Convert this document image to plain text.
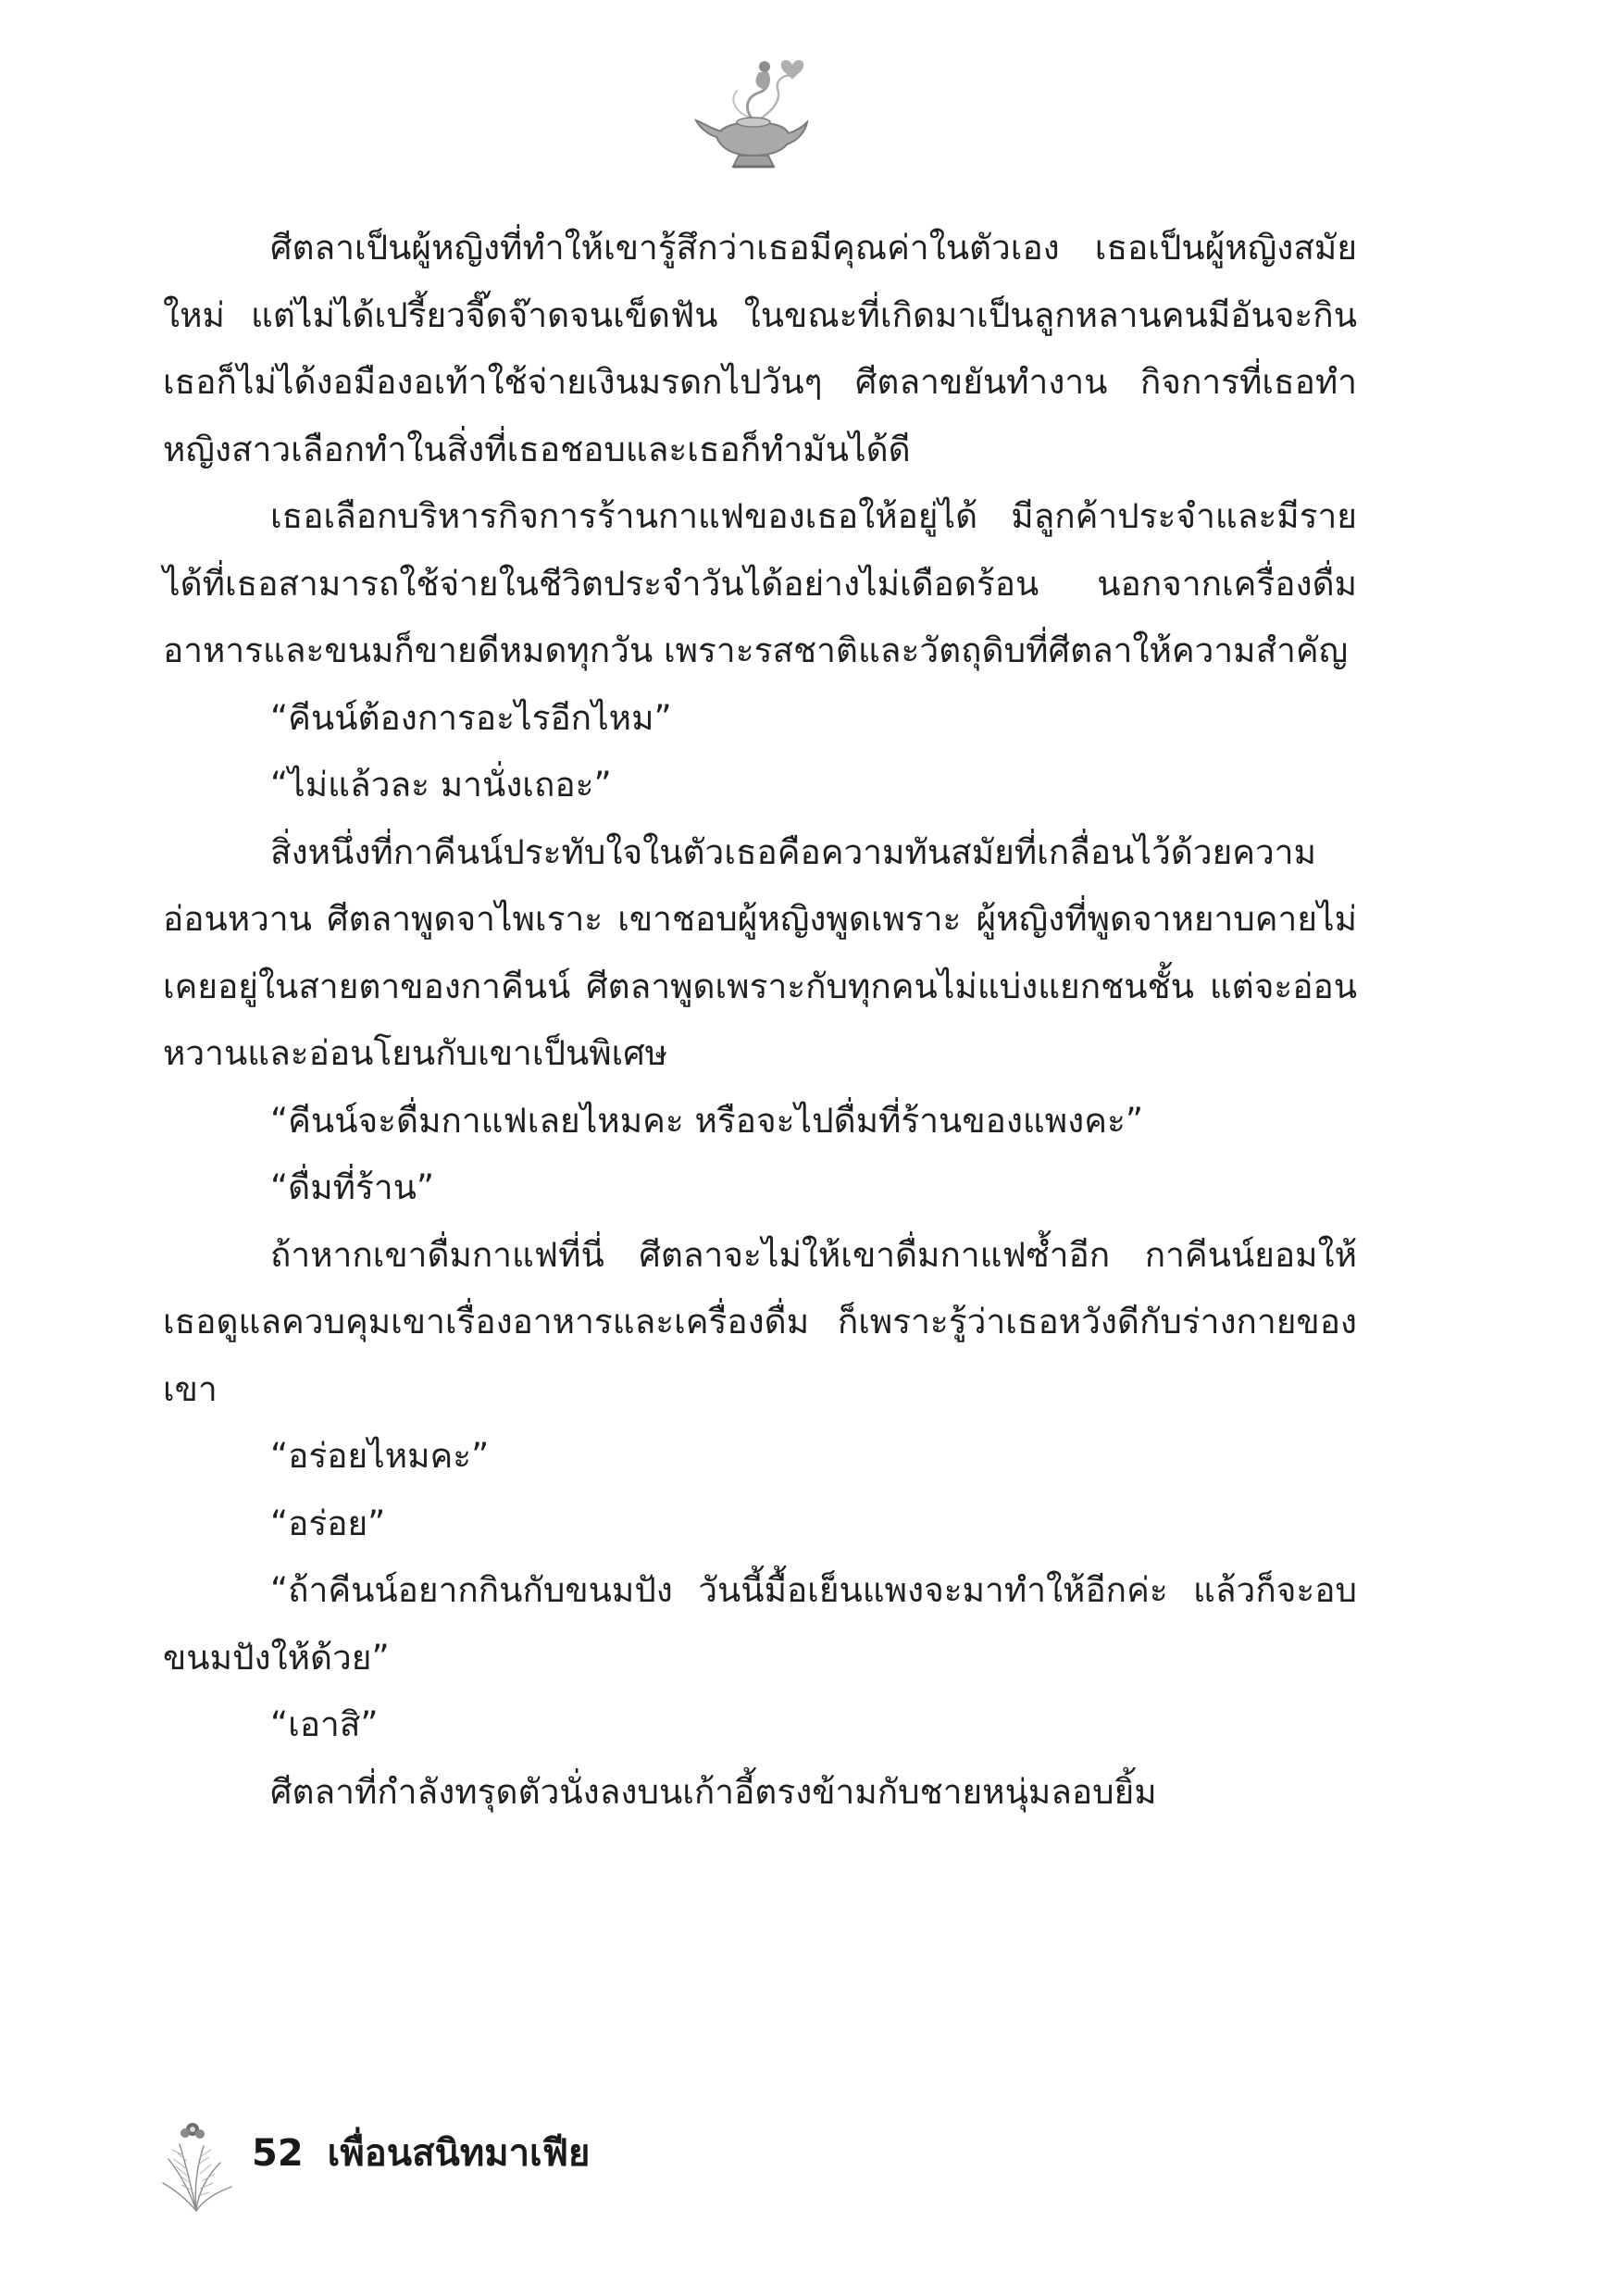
ศีตลาเป็นผู้หญิงที่ทำให้เขารู้สึกว่าเธอมีคุณค่าในตัวเอง เธอเป็นผู้หญิงสมัยใหม่ แต่ไม่ได้เปรี้ยวจี๊ดจ๊าดจนเข็ดฟัน ในขณะที่เกิดมาเป็นลูกหลานคนมีอันจะกิน เธอก็ไม่ได้งอมืองอเท้าใช้จ่ายเงินมรดกไปวันๆ ศีตลาขยันทำงาน กิจการที่เธอทำ หญิงสาวเลือกทำในสิ่งที่เธอชอบและเธอก็ทำมันได้ดี

เธอเลือกบริหารกิจการร้านกาแฟของเธอให้อยู่ได้ มีลูกค้าประจำและมีรายได้ที่เธอสามารถใช้จ่ายในชีวิตประจำวันได้อย่างไม่เดือดร้อน นอกจากเครื่องดื่ม อาหารและขนมก็ขายดีหมดทุกวัน เพราะรสชาติและวัตถุดิบที่ศีตลาให้ความสำคัญ

“คีนน์ต้องการอะไรอีกไหม”

“ไม่แล้วละ มานั่งเถอะ”

สิ่งหนึ่งที่กาคีนน์ประทับใจในตัวเธอคือความทันสมัยที่เกลื่อนไว้ด้วยความอ่อนหวาน ศีตลาพูดจาไพเราะ เขาชอบผู้หญิงพูดเพราะ ผู้หญิงที่พูดจาหยาบคายไม่เคยอยู่ในสายตาของกาคีนน์ ศีตลาพูดเพราะกับทุกคนไม่แบ่งแยกชนชั้น แต่จะอ่อนหวานและอ่อนโยนกับเขาเป็นพิเศษ

“คีนน์จะดื่มกาแฟเลยไหมคะ หรือจะไปดื่มที่ร้านของแพงคะ”

“ดื่มที่ร้าน”

ถ้าหากเขาดื่มกาแฟที่นี่ ศีตลาจะไม่ให้เขาดื่มกาแฟซ้ำอีก กาคีนน์ยอมให้เธอดูแลควบคุมเขาเรื่องอาหารและเครื่องดื่ม ก็เพราะรู้ว่าเธอหวังดีกับร่างกายของเขา

“อร่อยไหมคะ”

“อร่อย”

“ถ้าคีนน์อยากกินกับขนมปัง วันนี้มื้อเย็นแพงจะมาทำให้อีกค่ะ แล้วก็จะอบขนมปังให้ด้วย”

“เอาสิ”

ศีตลาที่กำลังทรุดตัวนั่งลงบนเก้าอี้ตรงข้ามกับชายหนุ่มลอบยิ้ม

52 เพื่อนสนิทมาเฟีย
